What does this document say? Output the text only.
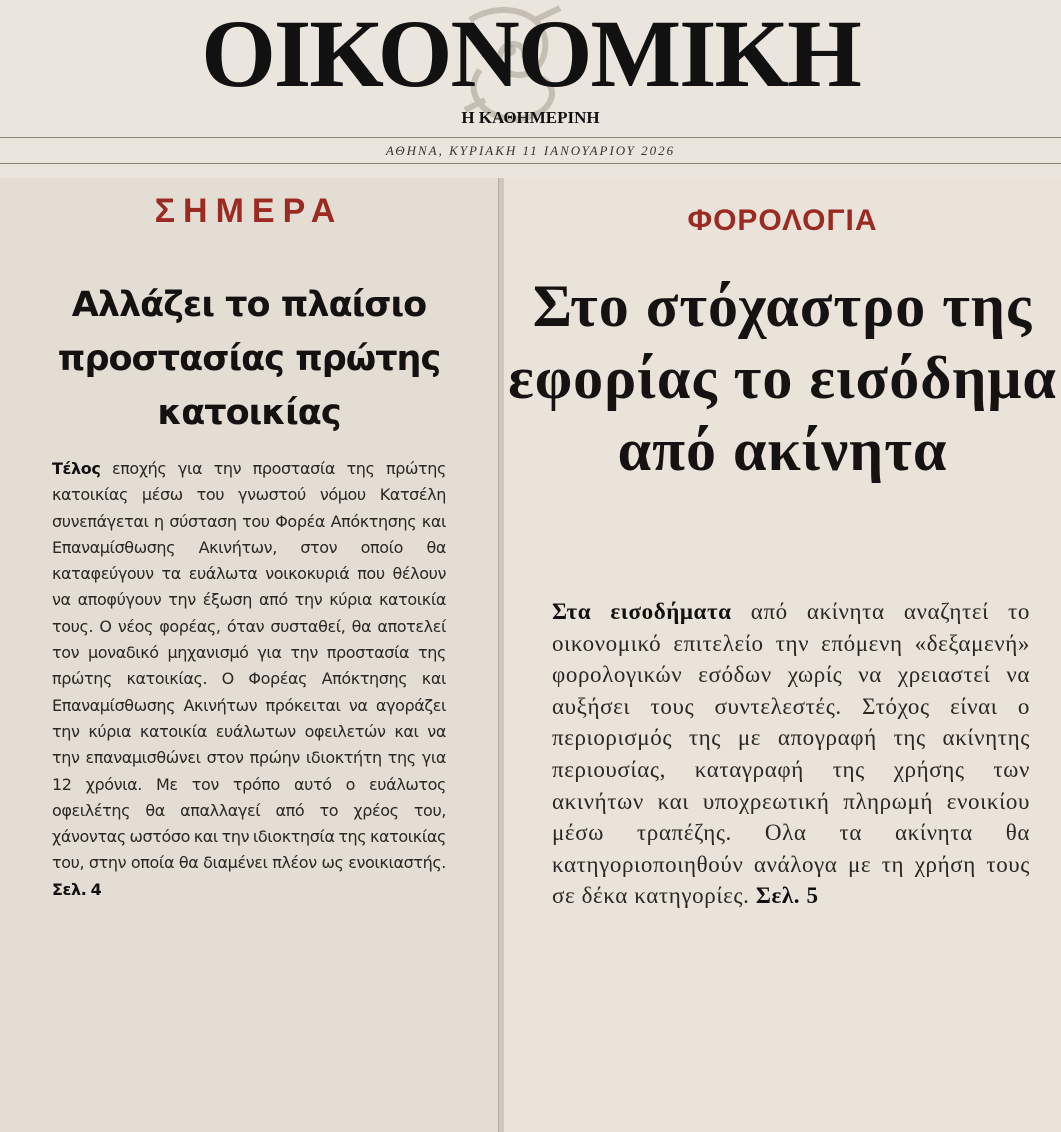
ΟΙΚΟΝΟΜΙΚΗ
Η ΚΑΘΗΜΕΡΙΝΗ
ΑΘΗΝΑ, ΚΥΡΙΑΚΗ 11 ΙΑΝΟΥΑΡΙΟΥ 2026
ΣΗΜΕΡΑ
Αλλάζει το πλαίσιο προστασίας πρώτης κατοικίας

Τέλος εποχής για την προστασία της πρώτης κατοικίας μέσω του γνωστού νόμου Κατσέλη συνεπάγεται η σύσταση του Φορέα Απόκτησης και Επαναμίσθωσης Ακινήτων, στον οποίο θα καταφεύγουν τα ευάλωτα νοικοκυριά που θέλουν να αποφύγουν την έξωση από την κύρια κατοικία τους. Ο νέος φορέας, όταν συσταθεί, θα αποτελεί τον μοναδικό μηχανισμό για την προστασία της πρώτης κατοικίας. Ο Φορέας Απόκτησης και Επαναμίσθωσης Ακινήτων πρόκειται να αγοράζει την κύρια κατοικία ευάλωτων οφειλετών και να την επαναμισθώνει στον πρώην ιδιοκτήτη της για 12 χρόνια. Με τον τρόπο αυτό ο ευάλωτος οφειλέτης θα απαλλαγεί από το χρέος του, χάνοντας ωστόσο και την ιδιοκτησία της κατοικίας του, στην οποία θα διαμένει πλέον ως ενοικιαστής. Σελ. 4

ΦΟΡΟΛΟΓΙΑ
Στο στόχαστρο της εφορίας το εισόδημα από ακίνητα

Στα εισοδήματα από ακίνητα αναζητεί το οικονομικό επιτελείο την επόμενη «δεξαμενή» φορολογικών εσόδων χωρίς να χρειαστεί να αυξήσει τους συντελεστές. Στόχος είναι ο περιορισμός της με απογραφή της ακίνητης περιουσίας, καταγραφή της χρήσης των ακινήτων και υποχρεωτική πληρωμή ενοικίου μέσω τραπέζης. Ολα τα ακίνητα θα κατηγοριοποιηθούν ανάλογα με τη χρήση τους σε δέκα κατηγορίες. Σελ. 5
